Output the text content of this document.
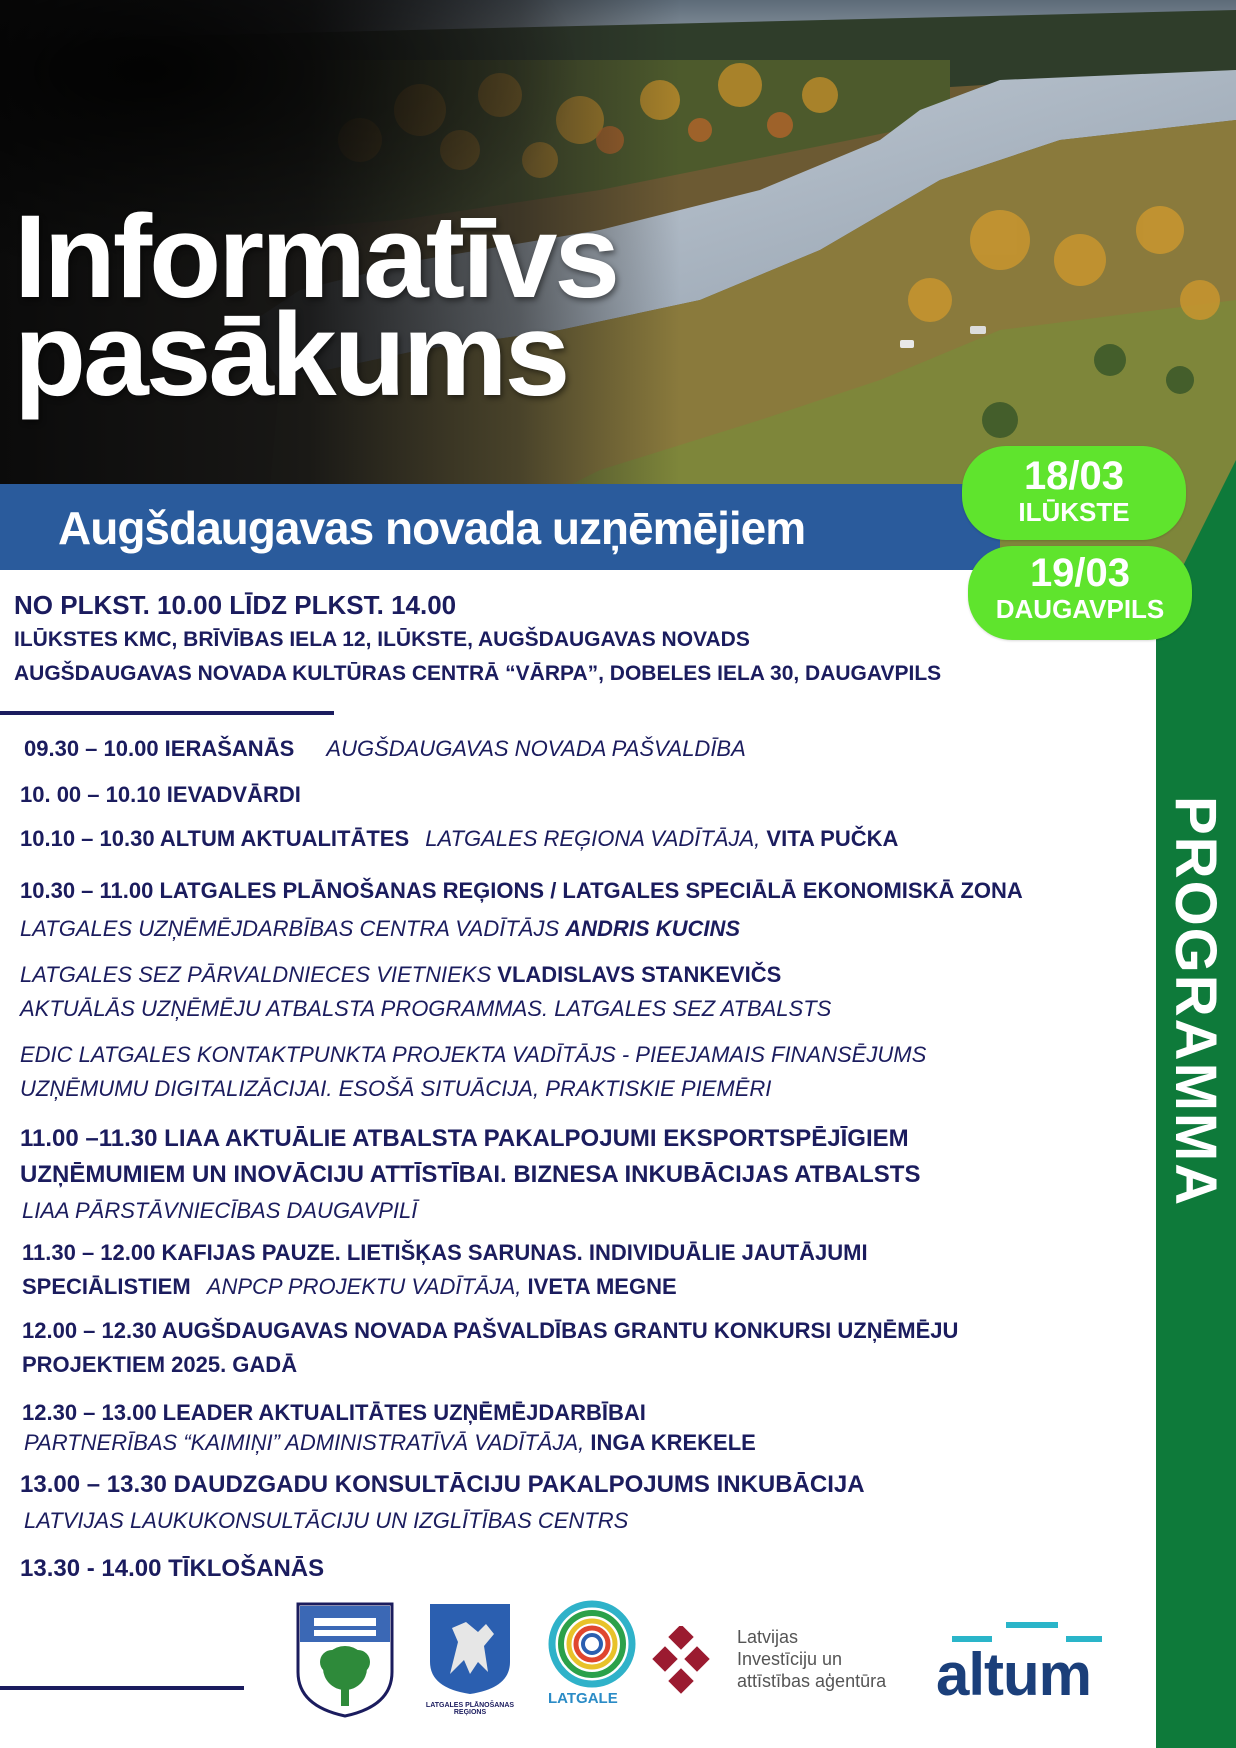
Informatīvs
pasākums
Augšdaugavas novada uzņēmējiem
PROGRAMMA
18/03
ILŪKSTE
19/03
DAUGAVPILS
NO PLKST. 10.00 LĪDZ PLKST. 14.00
ILŪKSTES KMC, BRĪVĪBAS IELA 12, ILŪKSTE, AUGŠDAUGAVAS NOVADS
AUGŠDAUGAVAS NOVADA KULTŪRAS CENTRĀ “VĀRPA”, DOBELES IELA 30, DAUGAVPILS
09.30 – 10.00 IERAŠANĀS AUGŠDAUGAVAS NOVADA PAŠVALDĪBA
10. 00 – 10.10 IEVADVĀRDI
10.10 – 10.30 ALTUM AKTUALITĀTES LATGALES REĢIONA VADĪTĀJA, VITA PUČKA
10.30 – 11.00 LATGALES PLĀNOŠANAS REĢIONS / LATGALES SPECIĀLĀ EKONOMISKĀ ZONA
LATGALES UZŅĒMĒJDARBĪBAS CENTRA VADĪTĀJS ANDRIS KUCINS
LATGALES SEZ PĀRVALDNIECES VIETNIEKS VLADISLAVS STANKEVIČS
AKTUĀLĀS UZŅĒMĒJU ATBALSTA PROGRAMMAS. LATGALES SEZ ATBALSTS
EDIC LATGALES KONTAKTPUNKTA PROJEKTA VADĪTĀJS - PIEEJAMAIS FINANSĒJUMS
UZŅĒMUMU DIGITALIZĀCIJAI. ESOŠĀ SITUĀCIJA, PRAKTISKIE PIEMĒRI
11.00 –11.30 LIAA AKTUĀLIE ATBALSTA PAKALPOJUMI EKSPORTSPĒJĪGIEM
UZŅĒMUMIEM UN INOVĀCIJU ATTĪSTĪBAI. BIZNESA INKUBĀCIJAS ATBALSTS
LIAA PĀRSTĀVNIECĪBAS DAUGAVPILĪ
11.30 – 12.00 KAFIJAS PAUZE. LIETIŠĶAS SARUNAS. INDIVIDUĀLIE JAUTĀJUMI
SPECIĀLISTIEM ANPCP PROJEKTU VADĪTĀJA, IVETA MEGNE
12.00 – 12.30 AUGŠDAUGAVAS NOVADA PAŠVALDĪBAS GRANTU KONKURSI UZŅĒMĒJU
PROJEKTIEM 2025. GADĀ
12.30 – 13.00 LEADER AKTUALITĀTES UZŅĒMĒJDARBĪBAI
PARTNERĪBAS “KAIMIŅI” ADMINISTRATĪVĀ VADĪTĀJA, INGA KREKELE
13.00 – 13.30 DAUDZGADU KONSULTĀCIJU PAKALPOJUMS INKUBĀCIJA
LATVIJAS LAUKUKONSULTĀCIJU UN IZGLĪTĪBAS CENTRS
13.30 - 14.00 TĪKLOŠANĀS
LATGALES PLĀNOŠANAS
REĢIONS
LATGALE
Latvijas
Investīciju un
attīstības aģentūra altum
